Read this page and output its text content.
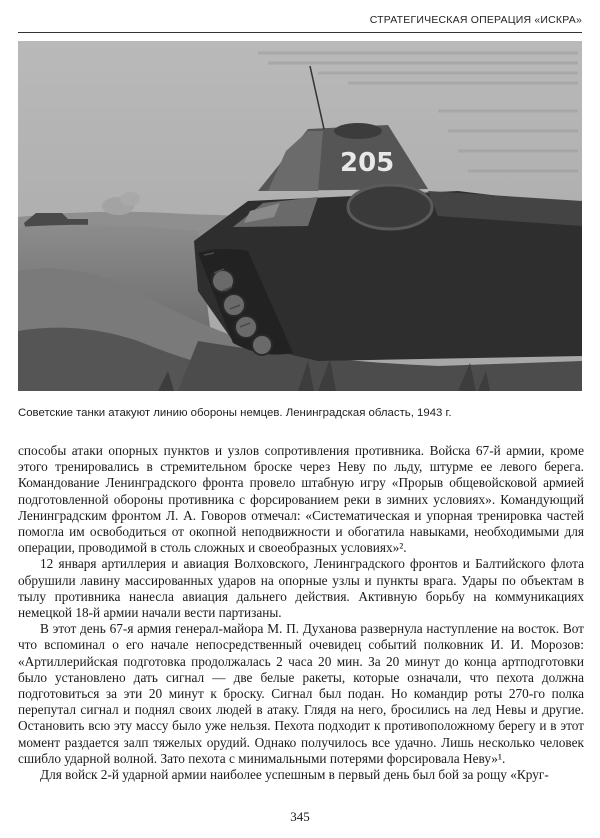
СТРАТЕГИЧЕСКАЯ ОПЕРАЦИЯ «ИСКРА»
205
Советские танки атакуют линию обороны немцев. Ленинградская область, 1943 г.

способы атаки опорных пунктов и узлов сопротивления противника. Войска 67-й армии, кроме этого тренировались в стремительном броске через Неву по льду, штурме ее левого берега. Командование Ленинградского фронта провело штабную игру «Прорыв общевойсковой армией подготовленной обороны противника с форсированием реки в зимних условиях». Командующий Ленинградским фронтом Л. А. Говоров отмечал: «Систематическая и упорная тренировка частей помогла им освободиться от окопной неподвижности и обогатила навыками, необходимыми для операции, проводимой в столь сложных и своеобразных условиях»².

12 января артиллерия и авиация Волховского, Ленинградского фронтов и Балтийского флота обрушили лавину массированных ударов на опорные узлы и пункты врага. Удары по объектам в тылу противника нанесла авиация дальнего действия. Активную борьбу на коммуникациях немецкой 18-й армии начали вести партизаны.

В этот день 67-я армия генерал-майора М. П. Духанова развернула наступление на восток. Вот что вспоминал о его начале непосредственный очевидец событий полковник И. И. Морозов: «Артиллерийская подготовка продолжалась 2 часа 20 мин. За 20 минут до конца артподготовки было установлено дать сигнал — две белые ракеты, которые означали, что пехота должна подготовиться за эти 20 минут к броску. Сигнал был подан. Но командир роты 270-го полка перепутал сигнал и поднял своих людей в атаку. Глядя на него, бросились на лед Невы и другие. Остановить всю эту массу было уже нельзя. Пехота подходит к противоположному берегу и в этот момент раздается залп тяжелых орудий. Однако получилось все удачно. Лишь несколько человек сшибло ударной волной. Зато пехота с минимальными потерями форсировала Неву»¹.

Для войск 2-й ударной армии наиболее успешным в первый день был бой за рощу «Круг-

345
